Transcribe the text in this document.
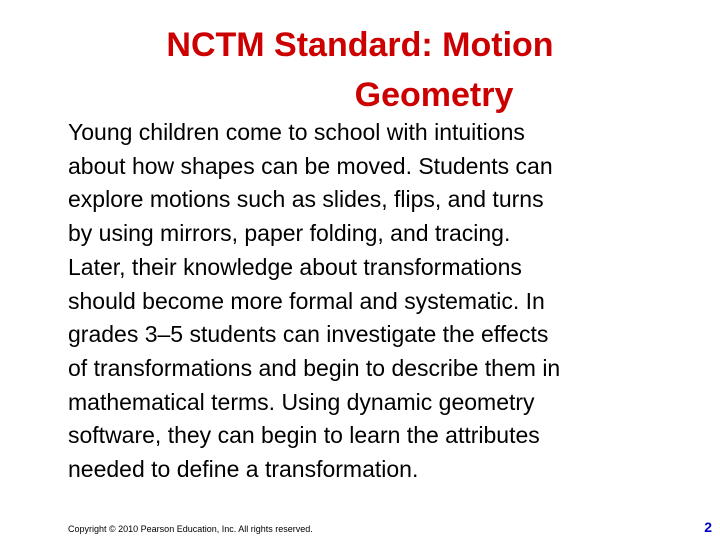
NCTM Standard: Motion
Geometry
Young children come to school with intuitions
about how shapes can be moved. Students can
explore motions such as slides, flips, and turns
by using mirrors, paper folding, and tracing.
Later, their knowledge about transformations
should become more formal and systematic. In
grades 3–5 students can investigate the effects
of transformations and begin to describe them in
mathematical terms. Using dynamic geometry
software, they can begin to learn the attributes
needed to define a transformation.
Copyright © 2010 Pearson Education, Inc. All rights reserved.	2
